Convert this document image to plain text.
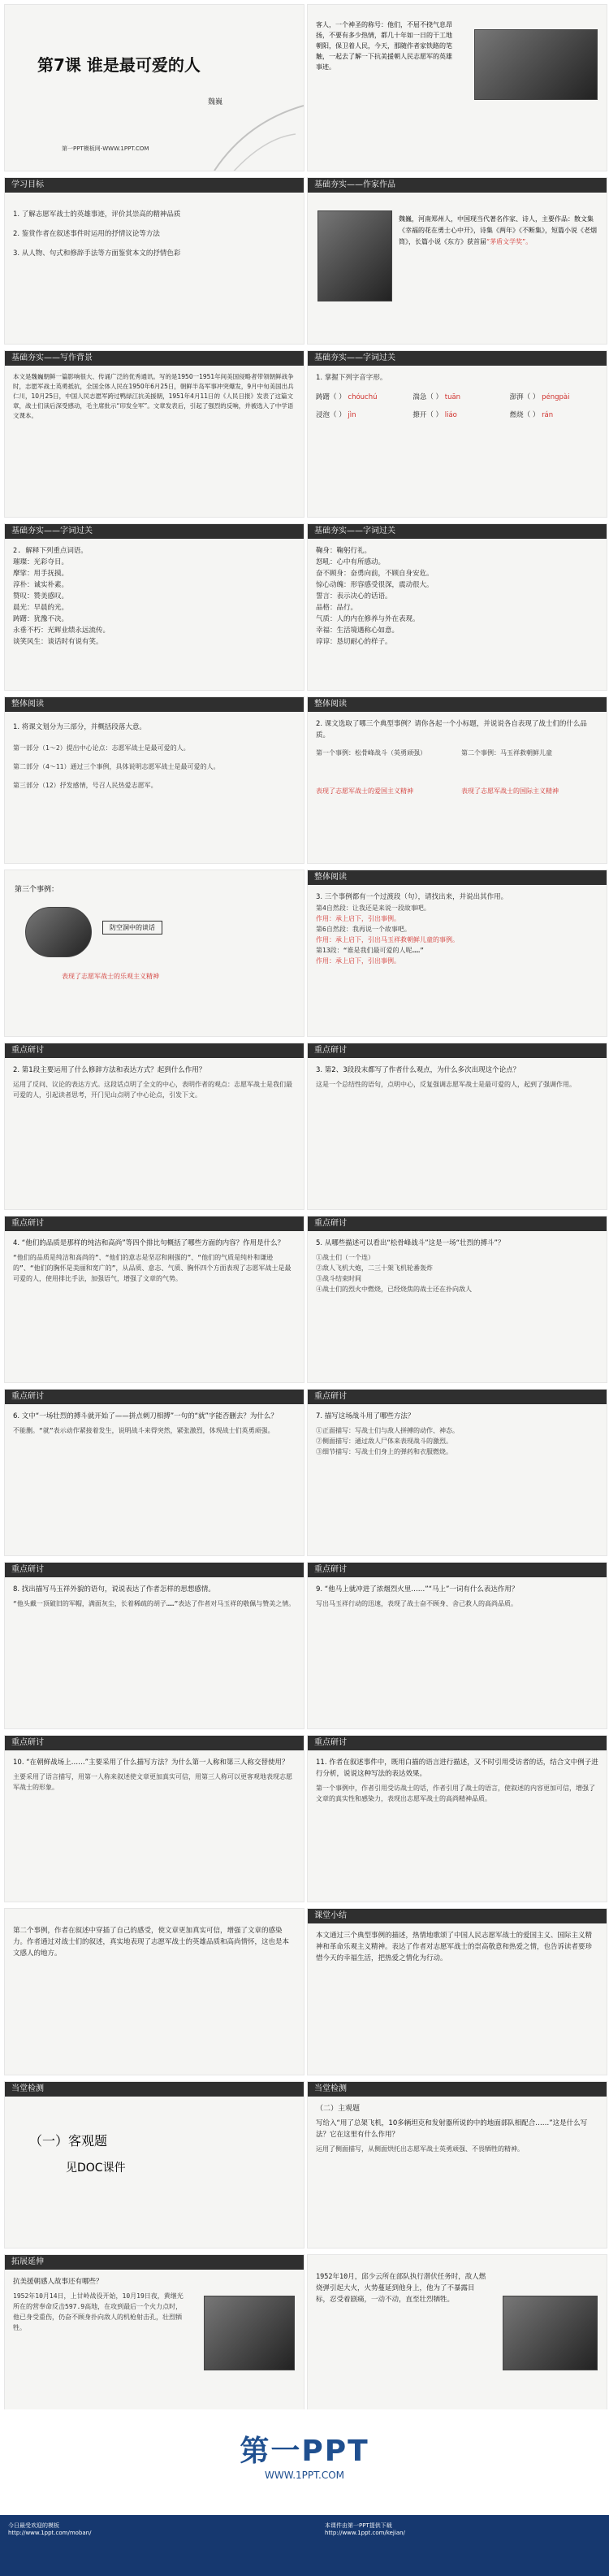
第7课 谁是最可爱的人
魏巍
第一PPT模板网-WWW.1PPT.COM
客人，一个神圣的称号：他们，不屈不挠气息昂扬，不要有多少热情，都几十年如一日的干工地朝阳，保卫着人民，今天，那随作者家铁路的笔触，一起去了解一下抗美援朝人民志愿军的英雄事迹。
学习目标
1. 了解志愿军战士的英雄事迹，评价其崇高的精神品质
2. 鉴赏作者在叙述事件时运用的抒情议论等方法
3. 从人物、句式和修辞手法等方面鉴赏本文的抒情色彩
基础夯实——作家作品
魏巍，河南郑州人，中国现当代著名作家、诗人，主要作品：散文集《幸福的花在勇士心中开》，诗集《两年》《不断集》，短篇小说《老烟筒》，长篇小说《东方》获首届“茅盾文学奖”。
基础夯实——写作背景
本文是魏巍朝鲜一篇影响很大、传诵广泛的优秀通讯。写的是1950一1951年间美国侵略者带领朝鲜战争时，志愿军战士英勇抵抗，全国全体人民在1950年6月25日，朝鲜半岛军事冲突爆发，9月中旬美国出兵仁川，10月25日，中国人民志愿军跨过鸭绿江抗美援朝，1951年4月11日的《人民日报》发表了这篇文章，战士们读后深受感动，毛主席批示“印发全军”。文章发表后，引起了强烈的反响，并被选入了中学语文课本。
基础夯实——字词过关
1. 掌握下列字音字形。
踌躇（ ） chóuchú	湍急（ ） tuān	澎湃（ ） péngpài
浸泡（ ） jìn	撩开（ ） liáo	燃烧（ ） rán
基础夯实——字词过关
2. 解释下列重点词语。
璀璨：光彩夺目。
摩挲：用手抚摸。
淳朴：诚实朴素。
赞叹：赞美感叹。
晨光：早晨的光。
踌躇：犹豫不决。
永垂不朽：光辉业绩永远流传。
谈笑风生：谈话时有说有笑。
基础夯实——字词过关
鞠身：鞠躬行礼。
怒吼：心中有所感动。
奋不顾身：奋勇向前，不顾自身安危。
惊心动魄：形容感受很深，震动很大。
誓言：表示决心的话语。
品格：品行。
气质：人的内在修养与外在表现。
幸福：生活境遇称心如意。
谆谆：恳切耐心的样子。
整体阅读
1. 将课文划分为三部分，并概括段落大意。
第一部分（1～2）提出中心论点：志愿军战士是最可爱的人。
第二部分（4～11）通过三个事例，具体说明志愿军战士是最可爱的人。
第三部分（12）抒发感情，号召人民热爱志愿军。
整体阅读
2. 课文选取了哪三个典型事例？请你各起一个小标题，并说说各自表现了战士们的什么品质。
第一个事例：松骨峰战斗（英勇顽强）
表现了志愿军战士的爱国主义精神
第二个事例：马玉祥救朝鲜儿童
表现了志愿军战士的国际主义精神
第三个事例：
防空洞中的谈话
表现了志愿军战士的乐观主义精神
整体阅读
3. 三个事例都有一个过渡段（句），请找出来，并说出其作用。
第4自然段：让我还是来说一段故事吧。
作用：承上启下，引出事例。
第6自然段：我再说一个故事吧。
作用：承上启下，引出马玉祥救朝鲜儿童的事例。
第13段：“谁是我们最可爱的人呢……”
作用：承上启下，引出事例。
重点研讨
2. 第1段主要运用了什么修辞方法和表达方式？起到什么作用？
运用了反问、议论的表达方式。这段话点明了全文的中心，表明作者的观点：志愿军战士是我们最可爱的人，引起读者思考，开门见山点明了中心论点，引发下文。
重点研讨
3. 第2、3段段末都写了作者什么观点，为什么多次出现这个论点？
这是一个总结性的语句，点明中心，反复强调志愿军战士是最可爱的人，起到了强调作用。
重点研讨
4. “他们的品质是那样的纯洁和高尚”等四个排比句概括了哪些方面的内容？作用是什么？
“他们的品质是纯洁和高尚的”、“他们的意志是坚忍和刚强的”、“他们的气质是纯朴和谦逊的”、“他们的胸怀是美丽和宽广的”，从品质、意志、气质、胸怀四个方面表现了志愿军战士是最可爱的人，使用排比手法，加强语气，增强了文章的气势。
重点研讨
5. 从哪些描述可以看出“松骨峰战斗”这是一场“壮烈的搏斗”？
①战士们（一个连）
②敌人飞机大炮，二三十架飞机轮番轰炸
③战斗结束时间
④战士们的烈火中燃烧，已经烧焦的战士还在扑向敌人
重点研讨
6. 文中“一场壮烈的搏斗就开始了——拼点刺刀相搏”一句的“就”字能否删去？为什么？
不能删。“就”表示动作紧接着发生，说明战斗来得突然，紧张激烈，体现战士们英勇顽强。
重点研讨
7. 描写这场战斗用了哪些方法？
①正面描写：写战士们与敌人拼搏的动作、神态。
②侧面描写：通过敌人尸体来表现战斗的激烈。
③细节描写：写战士们身上的弹药和衣服燃烧。
重点研讨
8. 找出描写马玉祥外貌的语句，说说表达了作者怎样的思想感情。
“他头戴一顶破旧的军帽，满面灰尘，长着稀疏的胡子……”表达了作者对马玉祥的敬佩与赞美之情。
重点研讨
9. “他马上就冲进了浓烟烈火里……”“马上”一词有什么表达作用？
写出马玉祥行动的迅速，表现了战士奋不顾身、舍己救人的高尚品质。
重点研讨
10. “在朝鲜战场上……”主要采用了什么描写方法？为什么第一人称和第三人称交替使用？
主要采用了语言描写，用第一人称来叙述使文章更加真实可信，用第三人称可以更客观地表现志愿军战士的形象。
重点研讨
11. 作者在叙述事件中，既用白描的语言进行描述，又不时引用受访者的话，结合文中例子进行分析，说说这种写法的表达效果。
第一个事例中，作者引用受访战士的话，作者引用了战士的语言，使叙述的内容更加可信，增强了文章的真实性和感染力，表现出志愿军战士的高尚精神品质。
第二个事例，作者在叙述中穿插了自己的感受，使文章更加真实可信，增强了文章的感染力。作者通过对战士们的叙述，真实地表现了志愿军战士的英雄品质和高尚情怀，这也是本文感人的地方。
课堂小结
本文通过三个典型事例的描述，热情地歌颂了中国人民志愿军战士的爱国主义、国际主义精神和革命乐观主义精神。表达了作者对志愿军战士的崇高敬意和热爱之情，也告诉读者要珍惜今天的幸福生活，把热爱之情化为行动。
当堂检测
（一）客观题
见DOC课件
当堂检测
（二）主观题
写给入“用了总架飞机，10多辆坦克和发射器所说的中的地面部队相配合……”这是什么写法？它在这里有什么作用？
运用了侧面描写，从侧面烘托出志愿军战士英勇顽强、不畏牺牲的精神。
拓展延伸
抗美援朝感人故事还有哪些？
1952年10月14日，上甘岭战役开始，10月19日夜，黄继光所在的营奉命反击597.9高地，在攻到最后一个火力点时，他已身受重伤，仍奋不顾身扑向敌人的机枪射击孔，壮烈牺牲。
1952年10月，邱少云所在部队执行潜伏任务时，敌人燃烧弹引起大火，火势蔓延到他身上，他为了不暴露目标，忍受着剧痛，一动不动，直至壮烈牺牲。
第一PPT
WWW.1PPT.COM
今日最受欢迎的模板
http://www.1ppt.com/moban/
本课件由第一PPT提供下载
http://www.1ppt.com/kejian/
